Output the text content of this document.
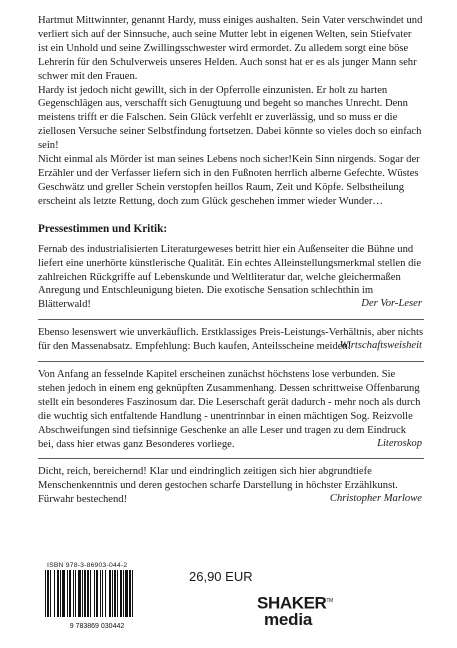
Hartmut Mittwinnter, genannt Hardy, muss einiges aushalten. Sein Vater verschwindet und verliert sich auf der Sinnsuche, auch seine Mutter lebt in eigenen Welten, sein Stiefvater ist ein Unhold und seine Zwillingsschwester wird ermordet. Zu alledem sorgt eine böse Lehrerin für den Schulverweis unseres Helden. Auch sonst hat er es als junger Mann sehr schwer mit den Frauen.

Hardy ist jedoch nicht gewillt, sich in der Opferrolle einzunisten. Er holt zu harten Gegenschlägen aus, verschafft sich Genugtuung und begeht so manches Unrecht. Denn meistens trifft er die Falschen. Sein Glück verfehlt er zuverlässig, und so muss er die ziellosen Versuche seiner Selbstfindung fortsetzen. Dabei könnte so vieles doch so einfach sein!

Nicht einmal als Mörder ist man seines Lebens noch sicher!Kein Sinn nirgends. Sogar der Erzähler und der Verfasser liefern sich in den Fußnoten herrlich alberne Gefechte. Wüstes Geschwätz und greller Schein verstopfen heillos Raum, Zeit und Köpfe. Selbstheilung erscheint als letzte Rettung, doch zum Glück geschehen immer wieder Wunder…

Pressestimmen und Kritik:
Fernab des industrialisierten Literaturgeweses betritt hier ein Außenseiter die Bühne und liefert eine unerhörte künstlerische Qualität. Ein echtes Alleinstellungsmerkmal stellen die zahlreichen Rückgriffe auf Lebenskunde und Weltliteratur dar, welche gleichermaßen Anregung und Entschleunigung bieten. Die exotische Sensation schlechthin im Blätterwald!	Der Vor-Leser
Ebenso lesenswert wie unverkäuflich. Erstklassiges Preis-Leistungs-Verhältnis, aber nichts für den Massenabsatz. Empfehlung: Buch kaufen, Anteilsscheine meiden!
Wirtschaftsweisheit
Von Anfang an fesselnde Kapitel erscheinen zunächst höchstens lose verbunden. Sie stehen jedoch in einem eng geknüpften Zusammenhang. Dessen schrittweise Offenbarung stellt ein besonderes Faszinosum dar. Die Leserschaft gerät dadurch - mehr noch als durch die wuchtig sich entfaltende Handlung - unentrinnbar in einen mächtigen Sog. Reizvolle Abschweifungen sind tiefsinnige Geschenke an alle Leser und tragen zu dem Eindruck bei, dass hier etwas ganz Besonderes vorliege.	Literoskop
Dicht, reich, bereichernd! Klar und eindringlich zeitigen sich hier abgrundtiefe Menschenkenntnis und deren gestochen scharfe Darstellung in höchster Erzählkunst. Fürwahr bestechend!	Christopher Marlowe
ISBN 978-3-86903-044-2
9 783869 030442
26,90 EUR
SHAKER™
media
